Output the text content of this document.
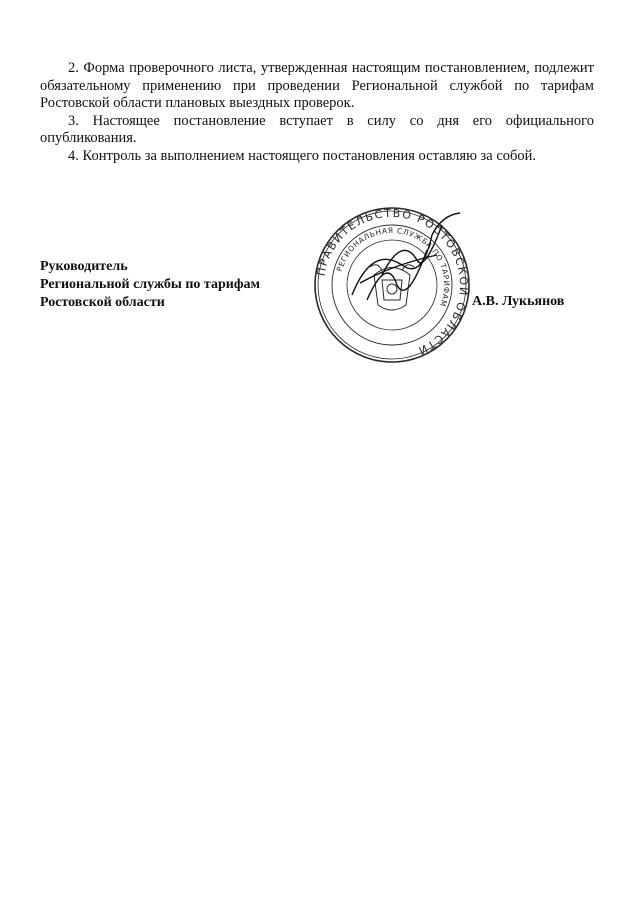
2. Форма проверочного листа, утвержденная настоящим постановлением, подлежит обязательному применению при проведении Региональной службой по тарифам Ростовской области плановых выездных проверок.

3. Настоящее постановление вступает в силу со дня его официального опубликования.

4. Контроль за выполнением настоящего постановления оставляю за собой.

Руководитель
Региональной службы по тарифам
Ростовской области
ПРАВИТЕЛЬСТВО РОСТОВСКОЙ ОБЛАСТИ
РЕГИОНАЛЬНАЯ СЛУЖБА ПО ТАРИФАМ А.В. Лукьянов
